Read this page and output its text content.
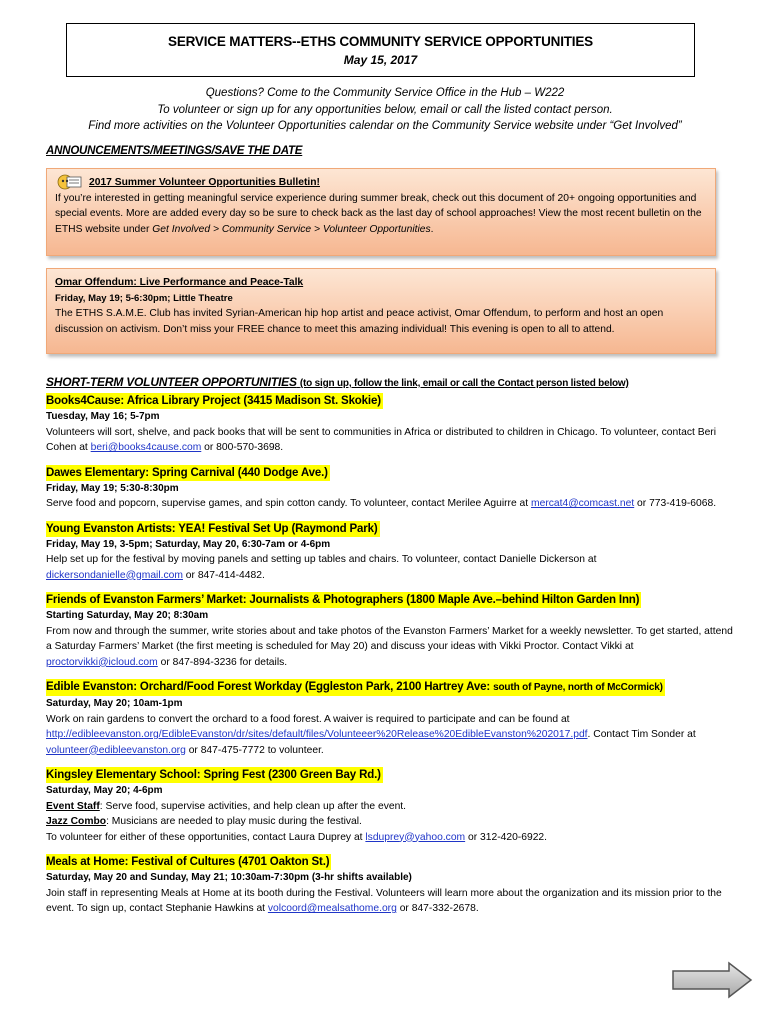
SERVICE MATTERS--ETHS COMMUNITY SERVICE OPPORTUNITIES
May 15, 2017
Questions? Come to the Community Service Office in the Hub – W222
To volunteer or sign up for any opportunities below, email or call the listed contact person.
Find more activities on the Volunteer Opportunities calendar on the Community Service website under “Get Involved”
ANNOUNCEMENTS/MEETINGS/SAVE THE DATE
2017 Summer Volunteer Opportunities Bulletin!
If you’re interested in getting meaningful service experience during summer break, check out this document of 20+ ongoing opportunities and special events. More are added every day so be sure to check back as the last day of school approaches! View the most recent bulletin on the ETHS website under Get Involved > Community Service > Volunteer Opportunities.
Omar Offendum: Live Performance and Peace-Talk
Friday, May 19; 5-6:30pm; Little Theatre
The ETHS S.A.M.E. Club has invited Syrian-American hip hop artist and peace activist, Omar Offendum, to perform and host an open discussion on activism. Don’t miss your FREE chance to meet this amazing individual! This evening is open to all to attend.
SHORT-TERM VOLUNTEER OPPORTUNITIES (to sign up, follow the link, email or call the Contact person listed below)
Books4Cause: Africa Library Project (3415 Madison St. Skokie)
Tuesday, May 16; 5-7pm
Volunteers will sort, shelve, and pack books that will be sent to communities in Africa or distributed to children in Chicago. To volunteer, contact Beri Cohen at beri@books4cause.com or 800-570-3698.
Dawes Elementary: Spring Carnival (440 Dodge Ave.)
Friday, May 19; 5:30-8:30pm
Serve food and popcorn, supervise games, and spin cotton candy. To volunteer, contact Merilee Aguirre at mercat4@comcast.net or 773-419-6068.
Young Evanston Artists: YEA! Festival Set Up (Raymond Park)
Friday, May 19, 3-5pm; Saturday, May 20, 6:30-7am or 4-6pm
Help set up for the festival by moving panels and setting up tables and chairs. To volunteer, contact Danielle Dickerson at dickersondanielle@gmail.com or 847-414-4482.
Friends of Evanston Farmers’ Market: Journalists & Photographers (1800 Maple Ave.–behind Hilton Garden Inn)
Starting Saturday, May 20; 8:30am
From now and through the summer, write stories about and take photos of the Evanston Farmers’ Market for a weekly newsletter. To get started, attend a Saturday Farmers’ Market (the first meeting is scheduled for May 20) and discuss your ideas with Vikki Proctor. Contact Vikki at proctorvikki@icloud.com or 847-894-3236 for details.
Edible Evanston: Orchard/Food Forest Workday (Eggleston Park, 2100 Hartrey Ave: south of Payne, north of McCormick)
Saturday, May 20; 10am-1pm
Work on rain gardens to convert the orchard to a food forest. A waiver is required to participate and can be found at http://edibleevanston.org/EdibleEvanston/dr/sites/default/files/Volunteeer%20Release%20EdibleEvanston%202017.pdf. Contact Tim Sonder at volunteer@edibleevanston.org or 847-475-7772 to volunteer.
Kingsley Elementary School: Spring Fest (2300 Green Bay Rd.)
Saturday, May 20; 4-6pm
Event Staff: Serve food, supervise activities, and help clean up after the event.
Jazz Combo: Musicians are needed to play music during the festival.
To volunteer for either of these opportunities, contact Laura Duprey at lsduprey@yahoo.com or 312-420-6922.
Meals at Home: Festival of Cultures (4701 Oakton St.)
Saturday, May 20 and Sunday, May 21; 10:30am-7:30pm (3-hr shifts available)
Join staff in representing Meals at Home at its booth during the Festival. Volunteers will learn more about the organization and its mission prior to the event. To sign up, contact Stephanie Hawkins at volcoord@mealsathome.org or 847-332-2678.
